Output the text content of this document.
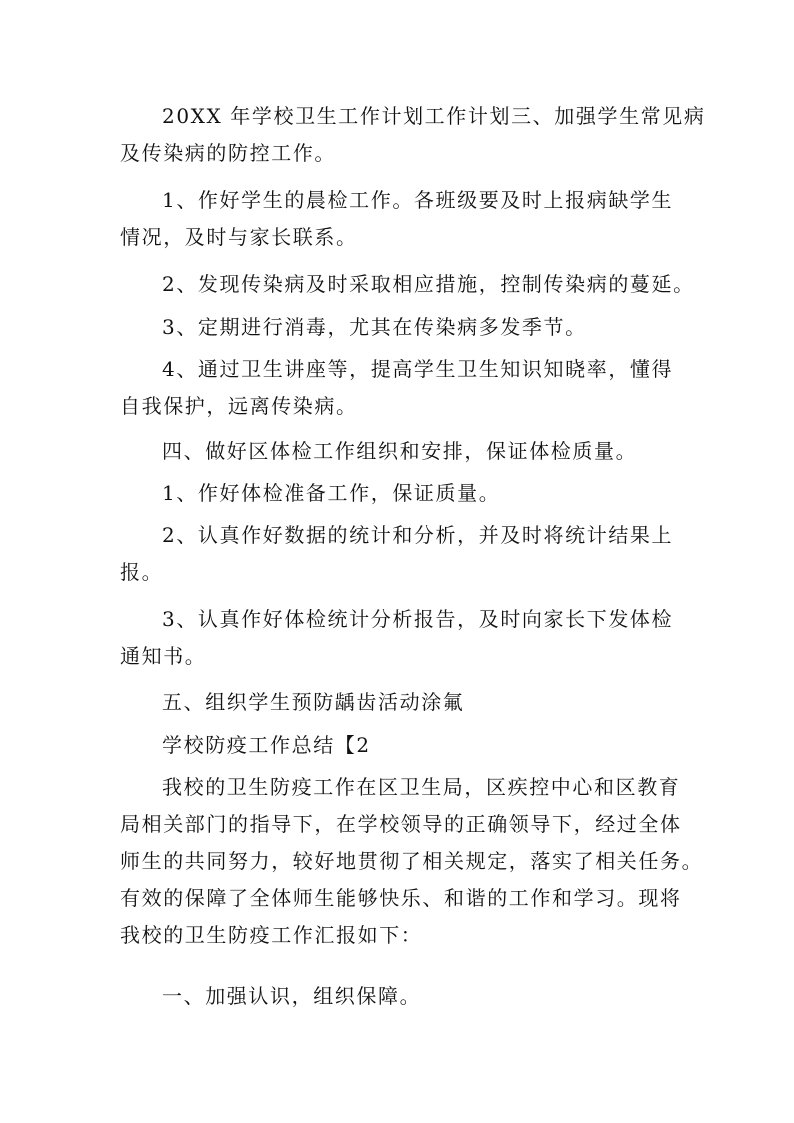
20XX 年学校卫生工作计划工作计划三、加强学生常见病
及传染病的防控工作。

1、作好学生的晨检工作。各班级要及时上报病缺学生
情况，及时与家长联系。

2、发现传染病及时采取相应措施，控制传染病的蔓延。

3、定期进行消毒，尤其在传染病多发季节。

4、通过卫生讲座等，提高学生卫生知识知晓率，懂得
自我保护，远离传染病。

四、做好区体检工作组织和安排，保证体检质量。

1、作好体检准备工作，保证质量。

2、认真作好数据的统计和分析，并及时将统计结果上
报。

3、认真作好体检统计分析报告，及时向家长下发体检
通知书。

五、组织学生预防龋齿活动涂氟

学校防疫工作总结【2

我校的卫生防疫工作在区卫生局，区疾控中心和区教育
局相关部门的指导下，在学校领导的正确领导下，经过全体
师生的共同努力，较好地贯彻了相关规定，落实了相关任务。
有效的保障了全体师生能够快乐、和谐的工作和学习。现将
我校的卫生防疫工作汇报如下：

一、加强认识，组织保障。
